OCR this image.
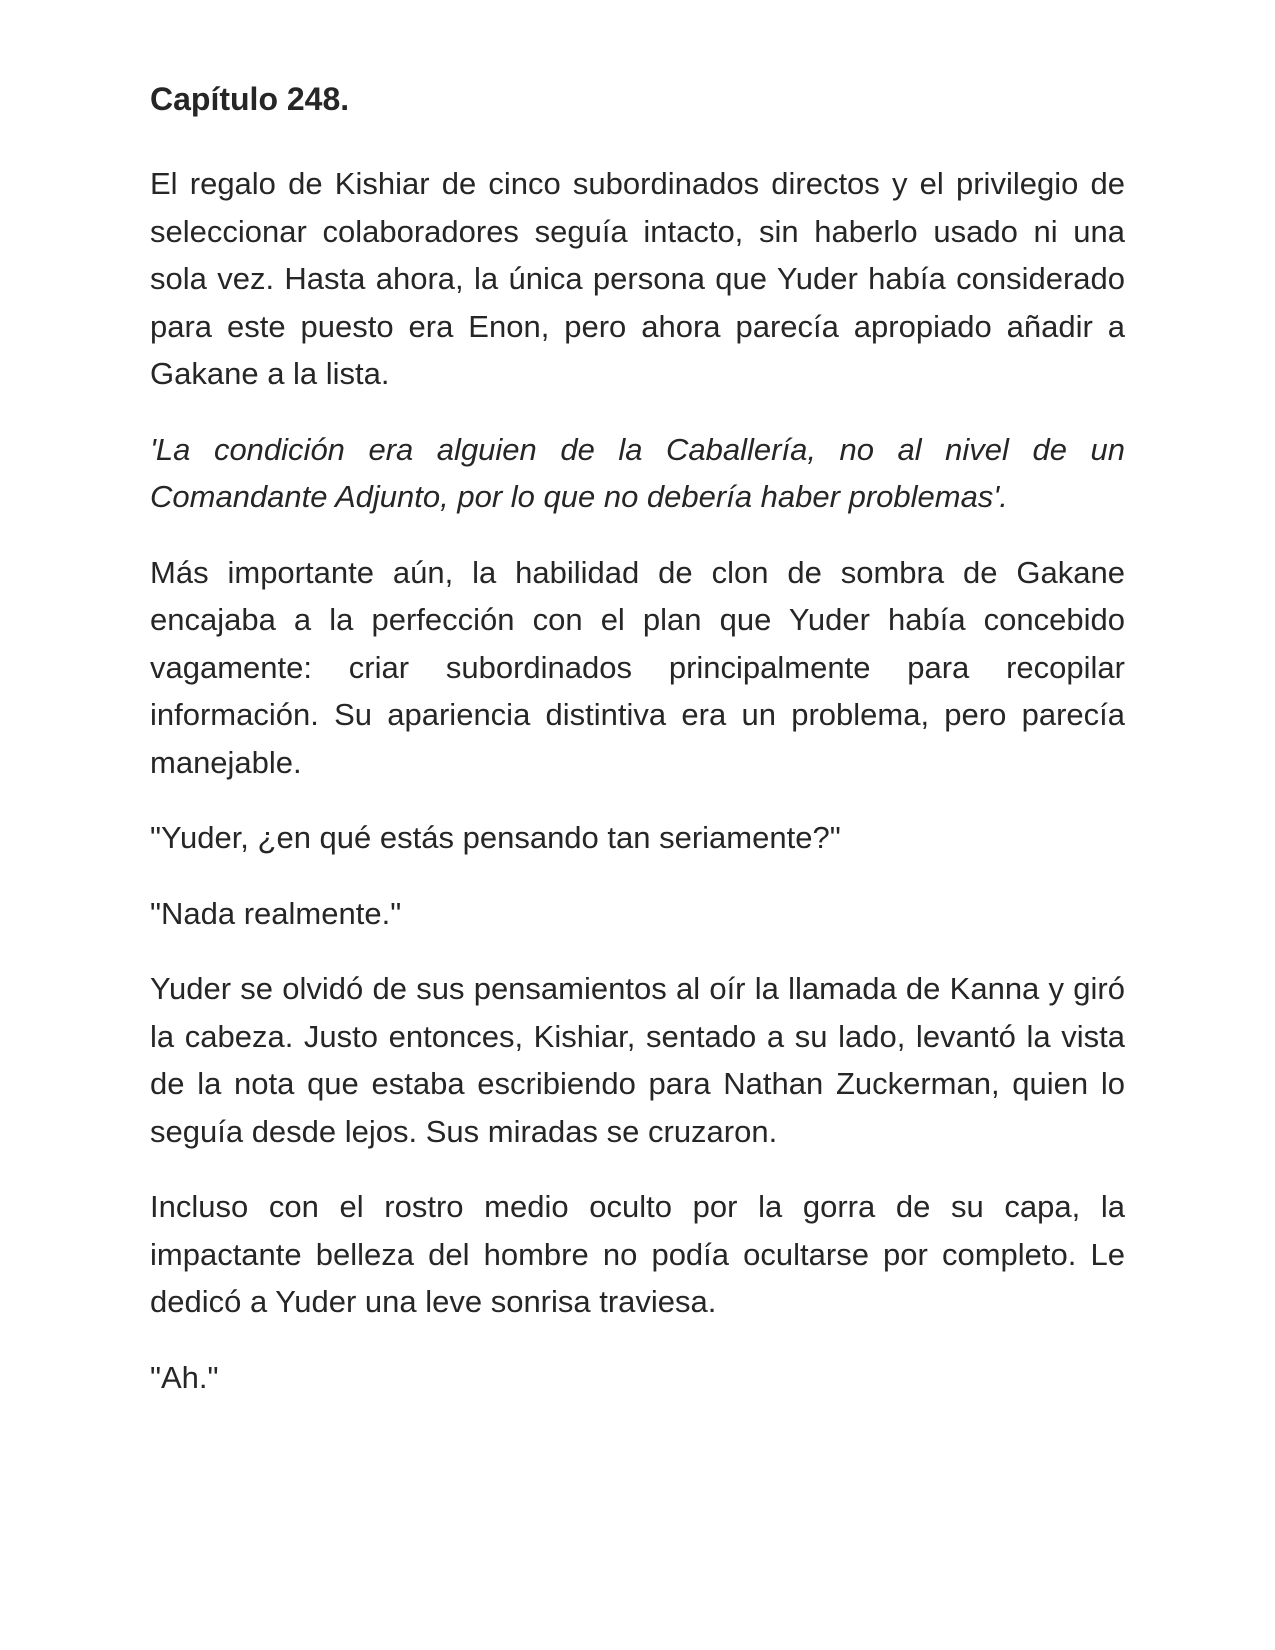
Capítulo 248.

El regalo de Kishiar de cinco subordinados directos y el privilegio de seleccionar colaboradores seguía intacto, sin haberlo usado ni una sola vez. Hasta ahora, la única persona que Yuder había considerado para este puesto era Enon, pero ahora parecía apropiado añadir a Gakane a la lista.

'La condición era alguien de la Caballería, no al nivel de un Comandante Adjunto, por lo que no debería haber problemas'.

Más importante aún, la habilidad de clon de sombra de Gakane encajaba a la perfección con el plan que Yuder había concebido vagamente: criar subordinados principalmente para recopilar información. Su apariencia distintiva era un problema, pero parecía manejable.

"Yuder, ¿en qué estás pensando tan seriamente?"

"Nada realmente."

Yuder se olvidó de sus pensamientos al oír la llamada de Kanna y giró la cabeza. Justo entonces, Kishiar, sentado a su lado, levantó la vista de la nota que estaba escribiendo para Nathan Zuckerman, quien lo seguía desde lejos. Sus miradas se cruzaron.

Incluso con el rostro medio oculto por la gorra de su capa, la impactante belleza del hombre no podía ocultarse por completo. Le dedicó a Yuder una leve sonrisa traviesa.

"Ah."
